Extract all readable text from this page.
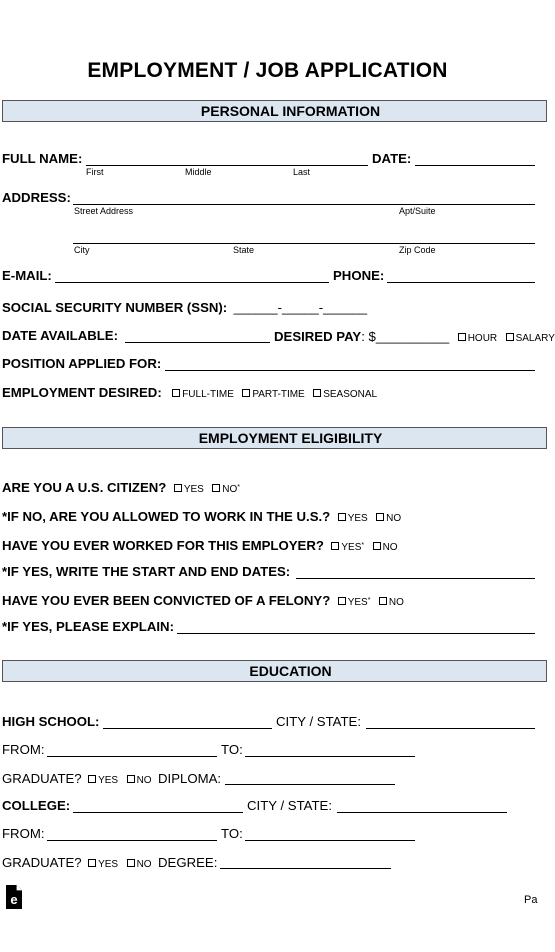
EMPLOYMENT / JOB APPLICATION
PERSONAL INFORMATION
FULL NAME:
First	Middle	Last
DATE:
ADDRESS:
Street Address	Apt/Suite
City	State	Zip Code
E-MAIL:	PHONE:
SOCIAL SECURITY NUMBER (SSN): ______-_____-______
DATE AVAILABLE:	DESIRED PAY: $__________ HOUR SALARY
POSITION APPLIED FOR:
EMPLOYMENT DESIRED: FULL-TIME PART-TIME SEASONAL
EMPLOYMENT ELIGIBILITY
ARE YOU A U.S. CITIZEN? YES NO*
*IF NO, ARE YOU ALLOWED TO WORK IN THE U.S.? YES NO
HAVE YOU EVER WORKED FOR THIS EMPLOYER? YES* NO
*IF YES, WRITE THE START AND END DATES:
HAVE YOU EVER BEEN CONVICTED OF A FELONY? YES* NO
*IF YES, PLEASE EXPLAIN:
EDUCATION
HIGH SCHOOL:	CITY / STATE:
FROM:	TO:
GRADUATE? YES NO DIPLOMA:
COLLEGE:	CITY / STATE:
FROM:	TO:
GRADUATE? YES NO DEGREE:
e	Pa
